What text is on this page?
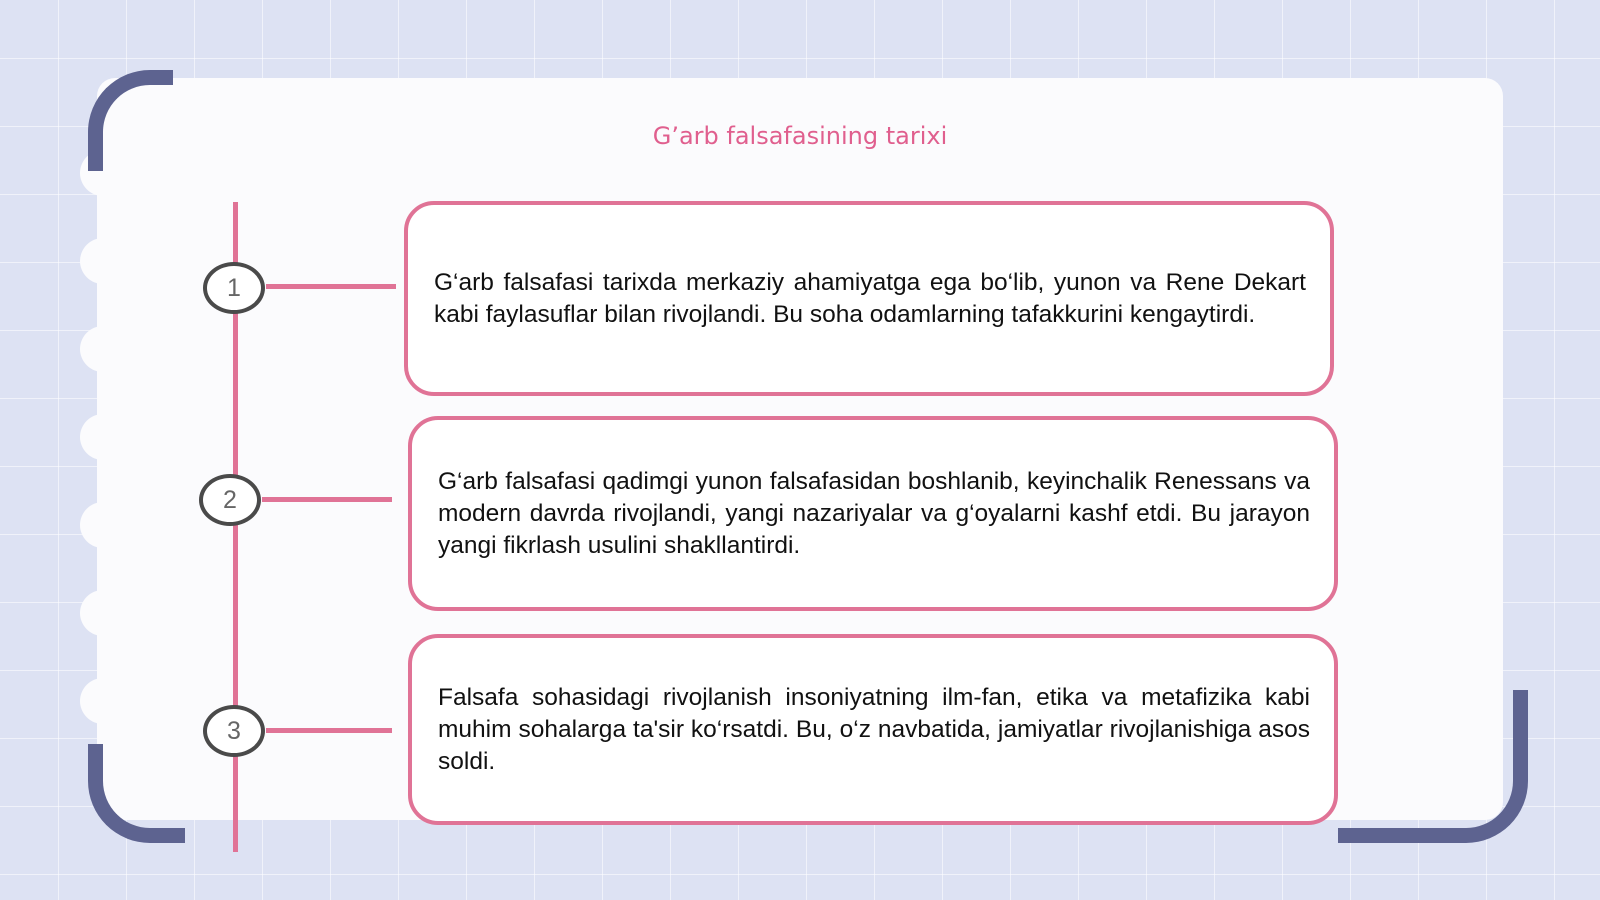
G’arb falsafasining tarixi
1
2
3

G‘arb falsafasi tarixda merkaziy ahamiyatga ega bo‘lib, yunon va Rene Dekart kabi faylasuflar bilan rivojlandi. Bu soha odamlarning tafakkurini kengaytirdi.

G‘arb falsafasi qadimgi yunon falsafasidan boshlanib, keyinchalik Renessans va modern davrda rivojlandi, yangi nazariyalar va g‘oyalarni kashf etdi. Bu jarayon yangi fikrlash usulini shakllantirdi.

Falsafa sohasidagi rivojlanish insoniyatning ilm-fan, etika va metafizika kabi muhim sohalarga ta'sir ko‘rsatdi. Bu, o‘z navbatida, jamiyatlar rivojlanishiga asos soldi.
